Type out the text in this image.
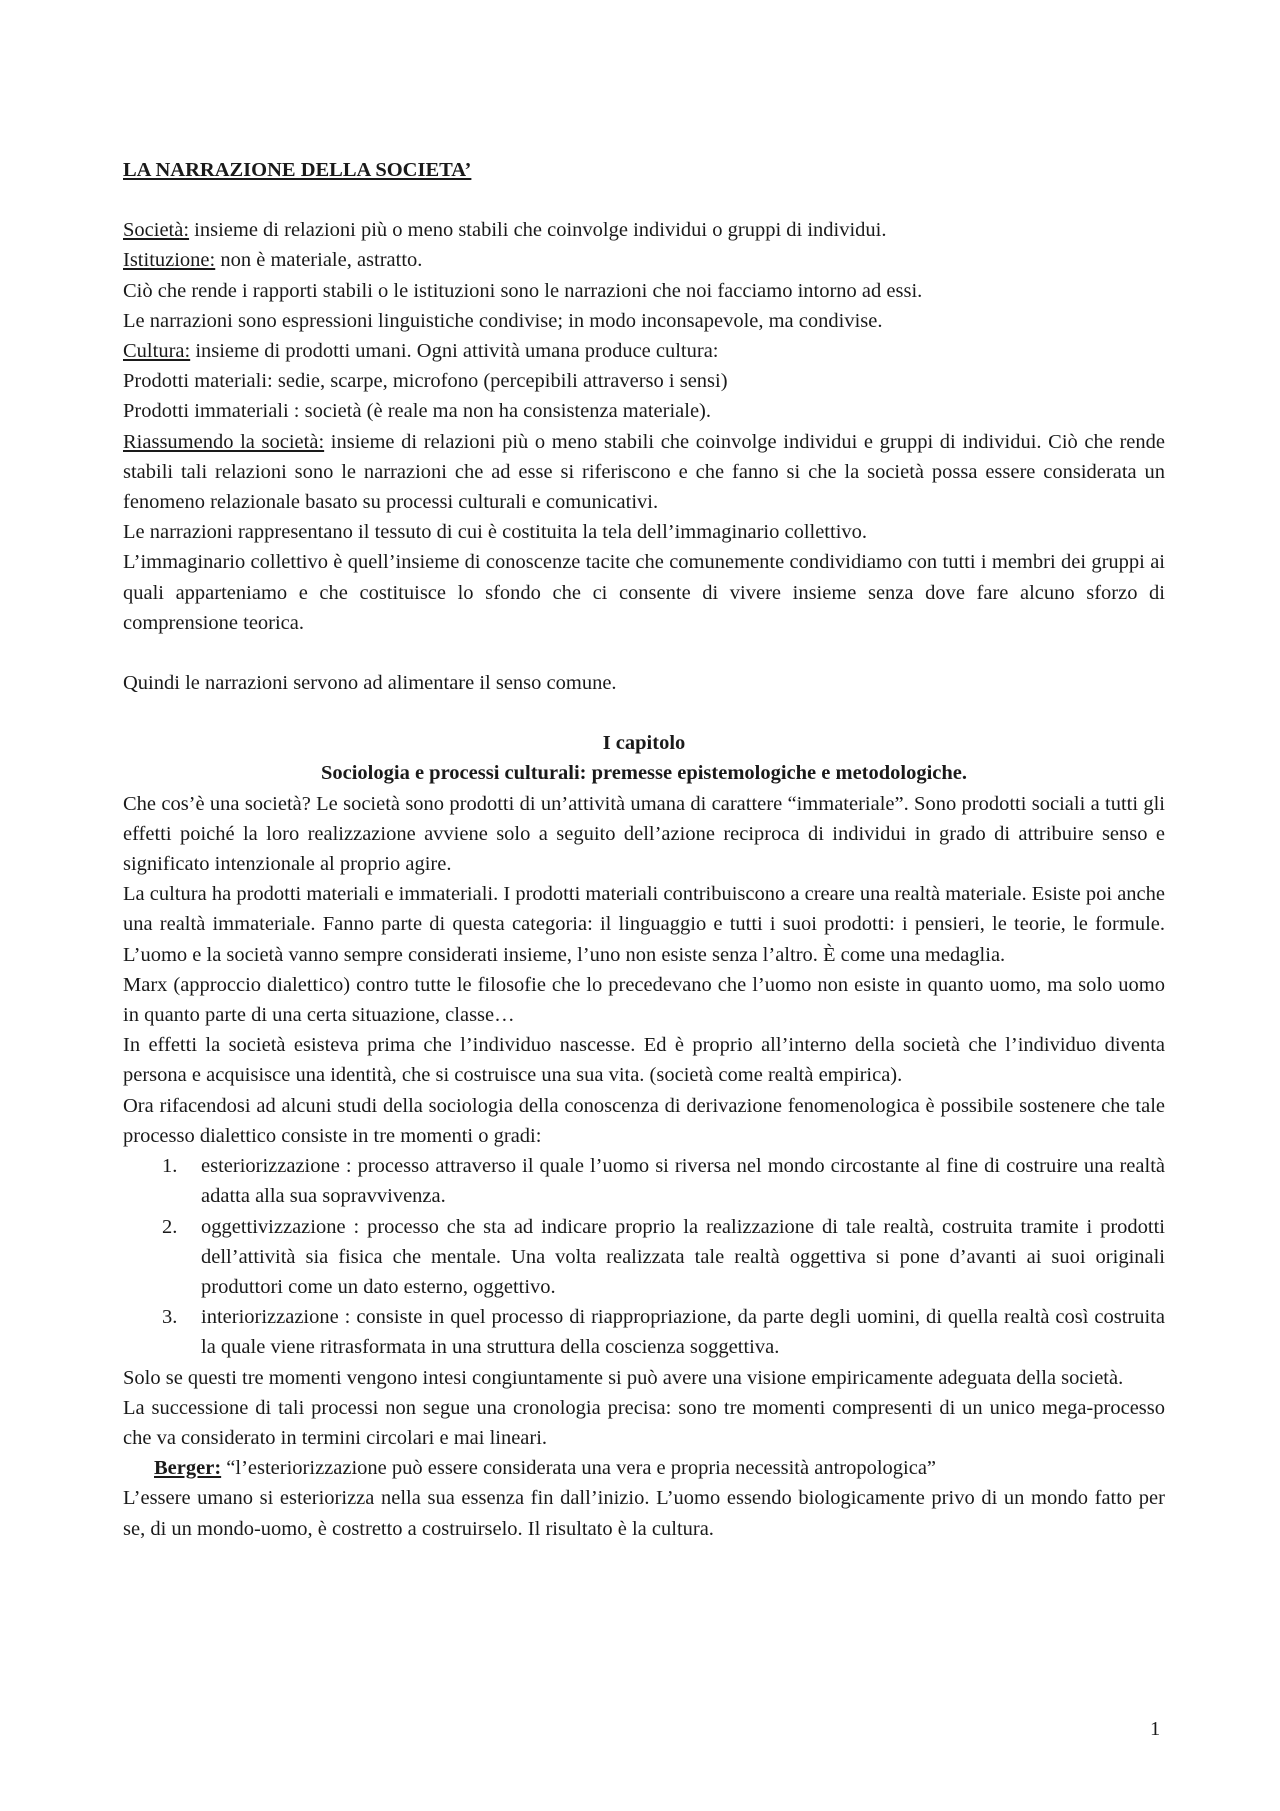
LA NARRAZIONE DELLA SOCIETA’

Società: insieme di relazioni più o meno stabili che coinvolge individui o gruppi di individui.

Istituzione: non è materiale, astratto.

Ciò che rende i rapporti stabili o le istituzioni sono le narrazioni che noi facciamo intorno ad essi.

Le narrazioni sono espressioni linguistiche condivise; in modo inconsapevole, ma condivise.

Cultura: insieme di prodotti umani. Ogni attività umana produce cultura:

Prodotti materiali: sedie, scarpe, microfono (percepibili attraverso i sensi)

Prodotti immateriali : società (è reale ma non ha consistenza materiale).

Riassumendo la società: insieme di relazioni più o meno stabili che coinvolge individui e gruppi di individui. Ciò che rende stabili tali relazioni sono le narrazioni che ad esse si riferiscono e che fanno si che la società possa essere considerata un fenomeno relazionale basato su processi culturali e comunicativi.

Le narrazioni rappresentano il tessuto di cui è costituita la tela dell’immaginario collettivo.

L’immaginario collettivo è quell’insieme di conoscenze tacite che comunemente condividiamo con tutti i membri dei gruppi ai quali apparteniamo e che costituisce lo sfondo che ci consente di vivere insieme senza dove fare alcuno sforzo di comprensione teorica.

Quindi le narrazioni servono ad alimentare il senso comune.

I capitolo

Sociologia e processi culturali: premesse epistemologiche e metodologiche.

Che cos’è una società? Le società sono prodotti di un’attività umana di carattere “immateriale”. Sono prodotti sociali a tutti gli effetti poiché la loro realizzazione avviene solo a seguito dell’azione reciproca di individui in grado di attribuire senso e significato intenzionale al proprio agire.

La cultura ha prodotti materiali e immateriali. I prodotti materiali contribuiscono a creare una realtà materiale. Esiste poi anche una realtà immateriale. Fanno parte di questa categoria: il linguaggio e tutti i suoi prodotti: i pensieri, le teorie, le formule. L’uomo e la società vanno sempre considerati insieme, l’uno non esiste senza l’altro. È come una medaglia.

Marx (approccio dialettico) contro tutte le filosofie che lo precedevano che l’uomo non esiste in quanto uomo, ma solo uomo in quanto parte di una certa situazione, classe…

In effetti la società esisteva prima che l’individuo nascesse. Ed è proprio all’interno della società che l’individuo diventa persona e acquisisce una identità, che si costruisce una sua vita. (società come realtà empirica).

Ora rifacendosi ad alcuni studi della sociologia della conoscenza di derivazione fenomenologica è possibile sostenere che tale processo dialettico consiste in tre momenti o gradi:

1. esteriorizzazione : processo attraverso il quale l’uomo si riversa nel mondo circostante al fine di costruire una realtà adatta alla sua sopravvivenza.
2. oggettivizzazione : processo che sta ad indicare proprio la realizzazione di tale realtà, costruita tramite i prodotti dell’attività sia fisica che mentale. Una volta realizzata tale realtà oggettiva si pone d’avanti ai suoi originali produttori come un dato esterno, oggettivo.
3. interiorizzazione : consiste in quel processo di riappropriazione, da parte degli uomini, di quella realtà così costruita la quale viene ritrasformata in una struttura della coscienza soggettiva.

Solo se questi tre momenti vengono intesi congiuntamente si può avere una visione empiricamente adeguata della società.

La successione di tali processi non segue una cronologia precisa: sono tre momenti compresenti di un unico mega-processo che va considerato in termini circolari e mai lineari.

Berger: “l’esteriorizzazione può essere considerata una vera e propria necessità antropologica”

L’essere umano si esteriorizza nella sua essenza fin dall’inizio. L’uomo essendo biologicamente privo di un mondo fatto per se, di un mondo-uomo, è costretto a costruirselo. Il risultato è la cultura.

1
